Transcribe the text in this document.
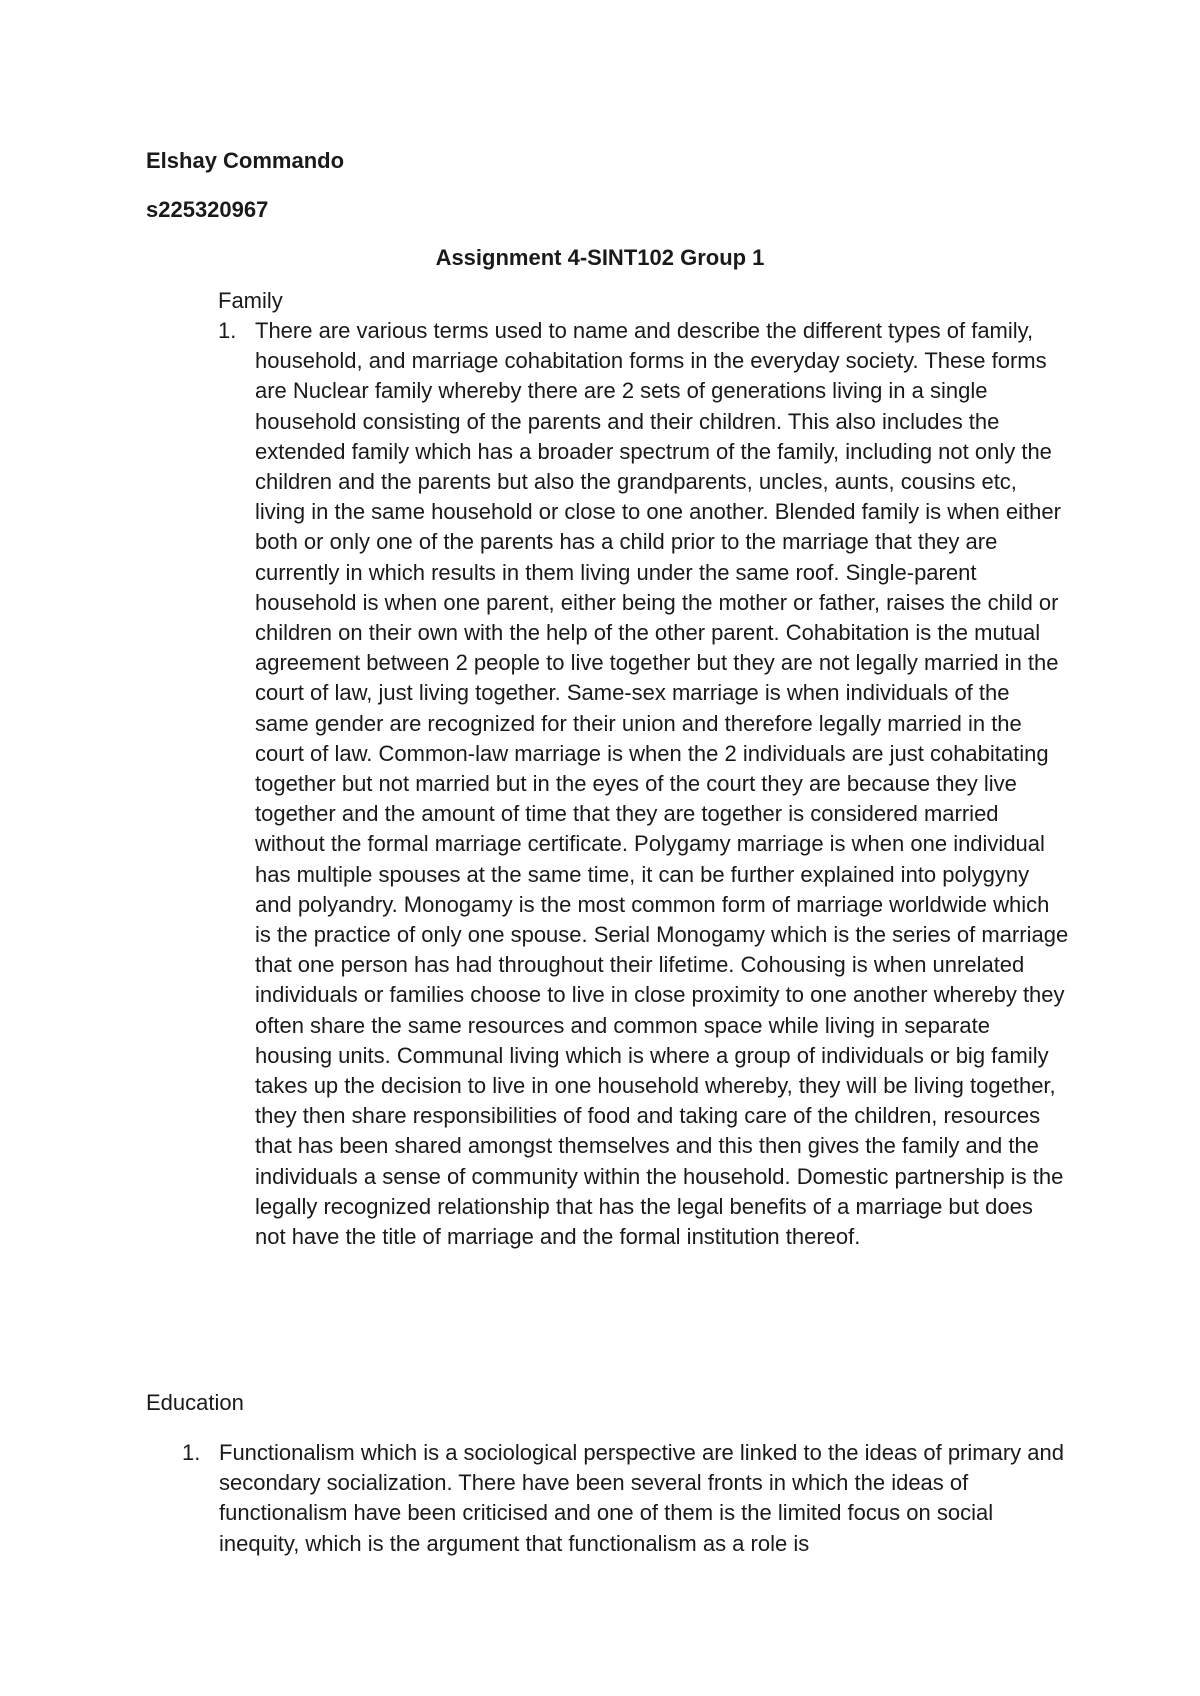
Elshay Commando
s225320967
Assignment 4-SINT102 Group 1
Family
1. There are various terms used to name and describe the different types of family, household, and marriage cohabitation forms in the everyday society. These forms are Nuclear family whereby there are 2 sets of generations living in a single household consisting of the parents and their children. This also includes the extended family which has a broader spectrum of the family, including not only the children and the parents but also the grandparents, uncles, aunts, cousins etc, living in the same household or close to one another. Blended family is when either both or only one of the parents has a child prior to the marriage that they are currently in which results in them living under the same roof. Single-parent household is when one parent, either being the mother or father, raises the child or children on their own with the help of the other parent. Cohabitation is the mutual agreement between 2 people to live together but they are not legally married in the court of law, just living together. Same-sex marriage is when individuals of the same gender are recognized for their union and therefore legally married in the court of law. Common-law marriage is when the 2 individuals are just cohabitating together but not married but in the eyes of the court they are because they live together and the amount of time that they are together is considered married without the formal marriage certificate. Polygamy marriage is when one individual has multiple spouses at the same time, it can be further explained into polygyny and polyandry. Monogamy is the most common form of marriage worldwide which is the practice of only one spouse. Serial Monogamy which is the series of marriage that one person has had throughout their lifetime. Cohousing is when unrelated individuals or families choose to live in close proximity to one another whereby they often share the same resources and common space while living in separate housing units. Communal living which is where a group of individuals or big family takes up the decision to live in one household whereby, they will be living together, they then share responsibilities of food and taking care of the children, resources that has been shared amongst themselves and this then gives the family and the individuals a sense of community within the household. Domestic partnership is the legally recognized relationship that has the legal benefits of a marriage but does not have the title of marriage and the formal institution thereof.
Education
1. Functionalism which is a sociological perspective are linked to the ideas of primary and secondary socialization. There have been several fronts in which the ideas of functionalism have been criticised and one of them is the limited focus on social inequity, which is the argument that functionalism as a role is
